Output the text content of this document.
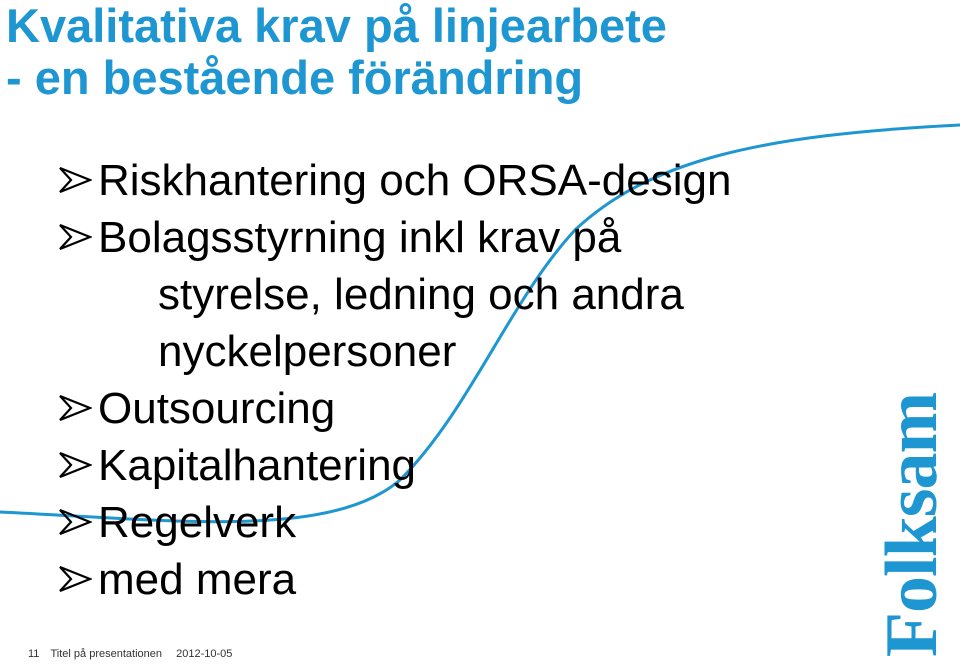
Kvalitativa krav på linjearbete
- en bestående förändring
Riskhantering och ORSA-design
Bolagsstyrning inkl krav på
styrelse, ledning och andra
nyckelpersoner
Outsourcing
Kapitalhantering
Regelverk
med mera	Folksam
11 Titel på presentationen 2012-10-05
